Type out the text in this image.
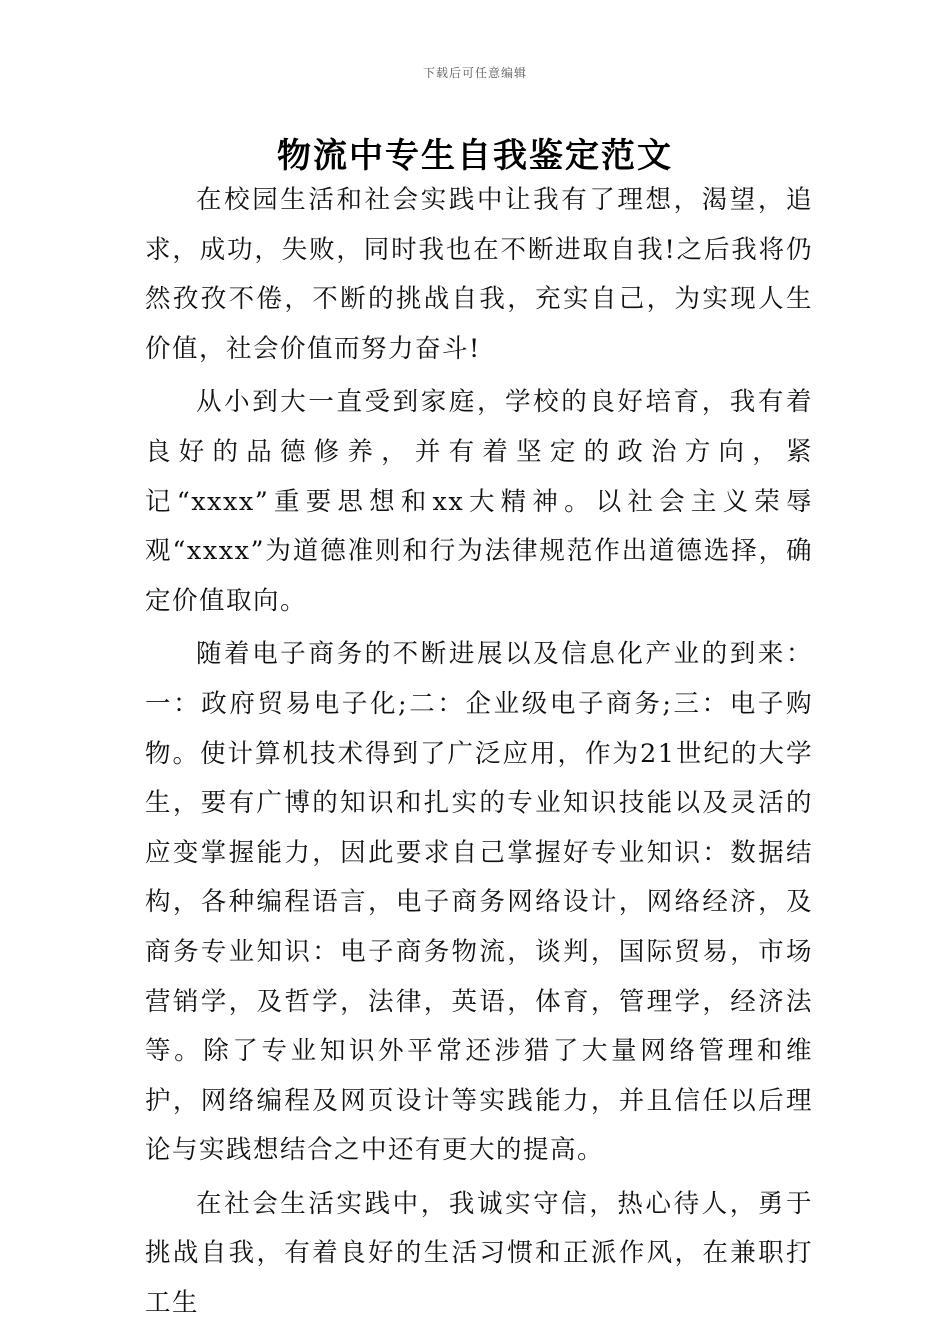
下载后可任意编辑
物流中专生自我鉴定范文

在校园生活和社会实践中让我有了理想，渴望，追求，成功，失败，同时我也在不断进取自我!之后我将仍然孜孜不倦，不断的挑战自我，充实自己，为实现人生价值，社会价值而努力奋斗!

从小到大一直受到家庭，学校的良好培育，我有着良好的品德修养，并有着坚定的政治方向，紧记“xxxx”重要思想和xx大精神。以社会主义荣辱观“xxxx”为道德准则和行为法律规范作出道德选择，确定价值取向。

随着电子商务的不断进展以及信息化产业的到来：一：政府贸易电子化;二：企业级电子商务;三：电子购物。使计算机技术得到了广泛应用，作为21世纪的大学生，要有广博的知识和扎实的专业知识技能以及灵活的应变掌握能力，因此要求自己掌握好专业知识：数据结构，各种编程语言，电子商务网络设计，网络经济，及商务专业知识：电子商务物流，谈判，国际贸易，市场营销学，及哲学，法律，英语，体育，管理学，经济法等。除了专业知识外平常还涉猎了大量网络管理和维护，网络编程及网页设计等实践能力，并且信任以后理论与实践想结合之中还有更大的提高。

在社会生活实践中，我诚实守信，热心待人，勇于挑战自我，有着良好的生活习惯和正派作风，在兼职打工生
